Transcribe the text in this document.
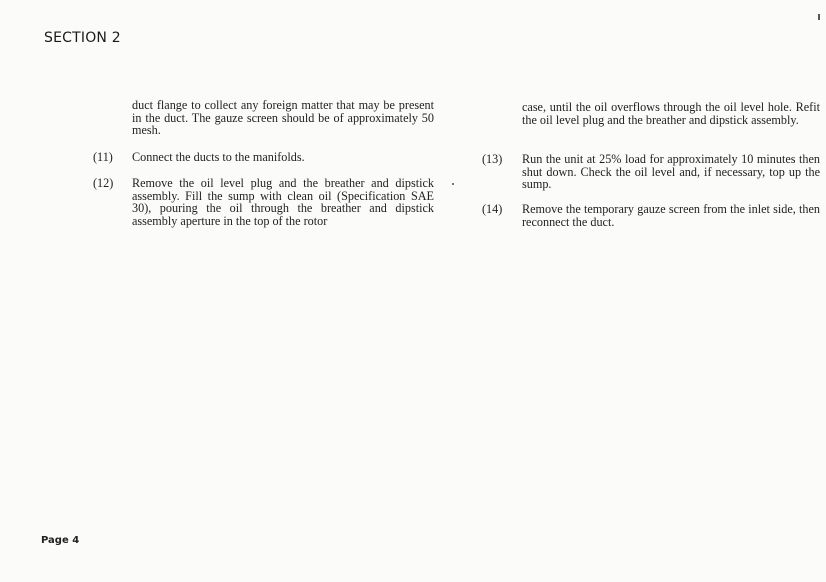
SECTION 2
duct flange to collect any foreign matter that may be present in the duct. The gauze screen should be of approximately 50 mesh.
(11) Connect the ducts to the manifolds.
(12) Remove the oil level plug and the breather and dipstick assembly. Fill the sump with clean oil (Specification SAE 30), pouring the oil through the breather and dipstick assembly aperture in the top of the rotor
case, until the oil overflows through the oil level hole. Refit the oil level plug and the breather and dipstick assembly.
(13) Run the unit at 25% load for approximately 10 minutes then shut down. Check the oil level and, if necessary, top up the sump.
(14) Remove the temporary gauze screen from the inlet side, then reconnect the duct.
Page 4
